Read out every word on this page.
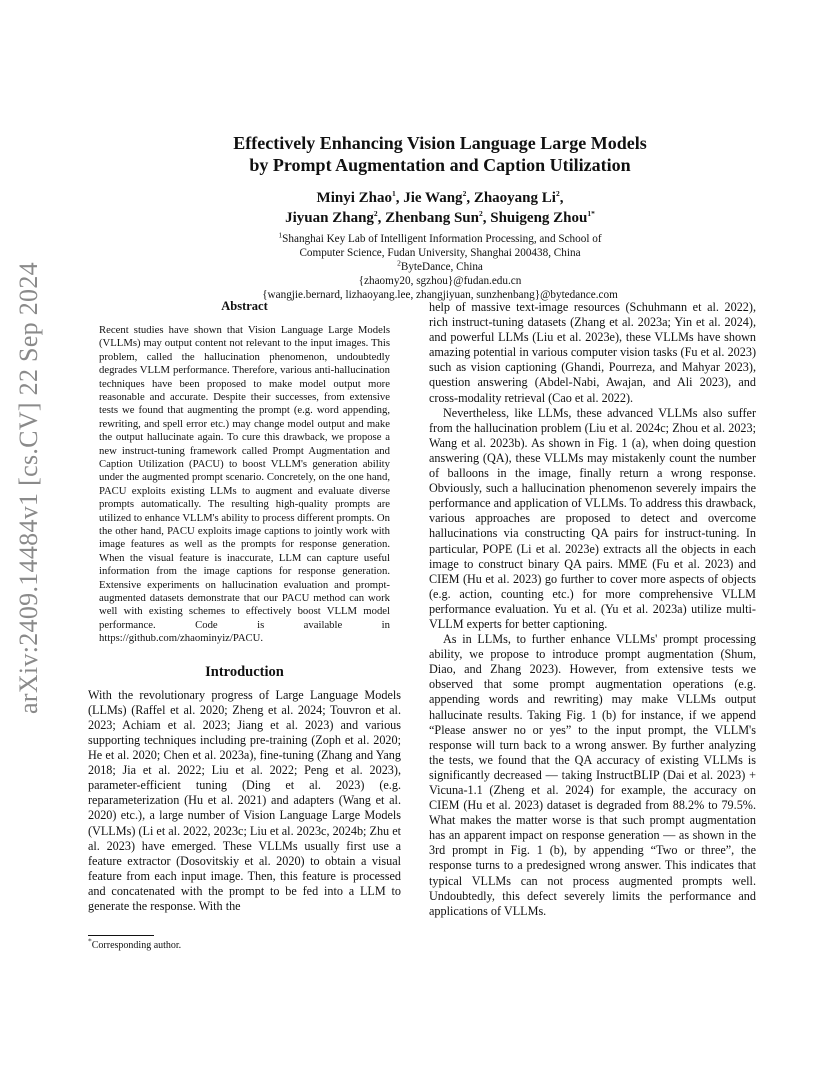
arXiv:2409.14484v1 [cs.CV] 22 Sep 2024
Effectively Enhancing Vision Language Large Models
by Prompt Augmentation and Caption Utilization
Minyi Zhao$^1$, Jie Wang$^2$, Zhaoyang Li$^2$,
Jiyuan Zhang$^2$, Zhenbang Sun$^2$, Shuigeng Zhou$^{1*}$
$^1$Shanghai Key Lab of Intelligent Information Processing, and School of
Computer Science, Fudan University, Shanghai 200438, China
$^2$ByteDance, China
{zhaomy20, sgzhou}@fudan.edu.cn
{wangjie.bernard, lizhaoyang.lee, zhangjiyuan, sunzhenbang}@bytedance.com
Abstract

Recent studies have shown that Vision Language Large Models (VLLMs) may output content not relevant to the input images. This problem, called the hallucination phenomenon, undoubtedly degrades VLLM performance. Therefore, various anti-hallucination techniques have been proposed to make model output more reasonable and accurate. Despite their successes, from extensive tests we found that augmenting the prompt (e.g. word appending, rewriting, and spell error etc.) may change model output and make the output hallucinate again. To cure this drawback, we propose a new instruct-tuning framework called Prompt Augmentation and Caption Utilization (PACU) to boost VLLM's generation ability under the augmented prompt scenario. Concretely, on the one hand, PACU exploits existing LLMs to augment and evaluate diverse prompts automatically. The resulting high-quality prompts are utilized to enhance VLLM's ability to process different prompts. On the other hand, PACU exploits image captions to jointly work with image features as well as the prompts for response generation. When the visual feature is inaccurate, LLM can capture useful information from the image captions for response generation. Extensive experiments on hallucination evaluation and prompt-augmented datasets demonstrate that our PACU method can work well with existing schemes to effectively boost VLLM model performance. Code is available in https://github.com/zhaominyiz/PACU.

Introduction

With the revolutionary progress of Large Language Models (LLMs) (Raffel et al. 2020; Zheng et al. 2024; Touvron et al. 2023; Achiam et al. 2023; Jiang et al. 2023) and various supporting techniques including pre-training (Zoph et al. 2020; He et al. 2020; Chen et al. 2023a), fine-tuning (Zhang and Yang 2018; Jia et al. 2022; Liu et al. 2022; Peng et al. 2023), parameter-efficient tuning (Ding et al. 2023) (e.g. reparameterization (Hu et al. 2021) and adapters (Wang et al. 2020) etc.), a large number of Vision Language Large Models (VLLMs) (Li et al. 2022, 2023c; Liu et al. 2023c, 2024b; Zhu et al. 2023) have emerged. These VLLMs usually first use a feature extractor (Dosovitskiy et al. 2020) to obtain a visual feature from each input image. Then, this feature is processed and concatenated with the prompt to be fed into a LLM to generate the response. With the

help of massive text-image resources (Schuhmann et al. 2022), rich instruct-tuning datasets (Zhang et al. 2023a; Yin et al. 2024), and powerful LLMs (Liu et al. 2023e), these VLLMs have shown amazing potential in various computer vision tasks (Fu et al. 2023) such as vision captioning (Ghandi, Pourreza, and Mahyar 2023), question answering (Abdel-Nabi, Awajan, and Ali 2023), and cross-modality retrieval (Cao et al. 2022).

Nevertheless, like LLMs, these advanced VLLMs also suffer from the hallucination problem (Liu et al. 2024c; Zhou et al. 2023; Wang et al. 2023b). As shown in Fig. 1 (a), when doing question answering (QA), these VLLMs may mistakenly count the number of balloons in the image, finally return a wrong response. Obviously, such a hallucination phenomenon severely impairs the performance and application of VLLMs. To address this drawback, various approaches are proposed to detect and overcome hallucinations via constructing QA pairs for instruct-tuning. In particular, POPE (Li et al. 2023e) extracts all the objects in each image to construct binary QA pairs. MME (Fu et al. 2023) and CIEM (Hu et al. 2023) go further to cover more aspects of objects (e.g. action, counting etc.) for more comprehensive VLLM performance evaluation. Yu et al. (Yu et al. 2023a) utilize multi-VLLM experts for better captioning.

As in LLMs, to further enhance VLLMs' prompt processing ability, we propose to introduce prompt augmentation (Shum, Diao, and Zhang 2023). However, from extensive tests we observed that some prompt augmentation operations (e.g. appending words and rewriting) may make VLLMs output hallucinate results. Taking Fig. 1 (b) for instance, if we append “Please answer no or yes” to the input prompt, the VLLM's response will turn back to a wrong answer. By further analyzing the tests, we found that the QA accuracy of existing VLLMs is significantly decreased — taking InstructBLIP (Dai et al. 2023) + Vicuna-1.1 (Zheng et al. 2024) for example, the accuracy on CIEM (Hu et al. 2023) dataset is degraded from 88.2% to 79.5%. What makes the matter worse is that such prompt augmentation has an apparent impact on response generation — as shown in the 3rd prompt in Fig. 1 (b), by appending “Two or three”, the response turns to a predesigned wrong answer. This indicates that typical VLLMs can not process augmented prompts well. Undoubtedly, this defect severely limits the performance and applications of VLLMs.

*Corresponding author.
